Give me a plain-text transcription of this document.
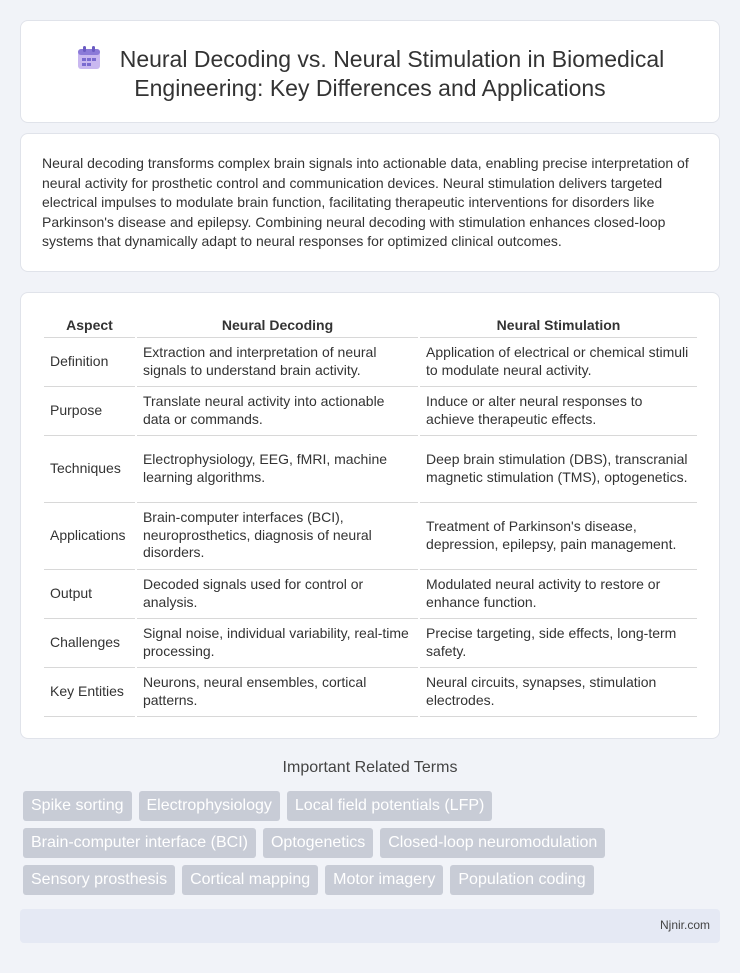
Neural Decoding vs. Neural Stimulation in Biomedical Engineering: Key Differences and Applications

Neural decoding transforms complex brain signals into actionable data, enabling precise interpretation of neural activity for prosthetic control and communication devices. Neural stimulation delivers targeted electrical impulses to modulate brain function, facilitating therapeutic interventions for disorders like Parkinson's disease and epilepsy. Combining neural decoding with stimulation enhances closed-loop systems that dynamically adapt to neural responses for optimized clinical outcomes.

Aspect	Neural Decoding	Neural Stimulation
Definition	Extraction and interpretation of neural signals to understand brain activity.	Application of electrical or chemical stimuli to modulate neural activity.
Purpose	Translate neural activity into actionable data or commands.	Induce or alter neural responses to achieve therapeutic effects.
Techniques	Electrophysiology, EEG, fMRI, machine learning algorithms.	Deep brain stimulation (DBS), transcranial magnetic stimulation (TMS), optogenetics.
Applications	Brain-computer interfaces (BCI), neuroprosthetics, diagnosis of neural disorders.	Treatment of Parkinson's disease, depression, epilepsy, pain management.
Output	Decoded signals used for control or analysis.	Modulated neural activity to restore or enhance function.
Challenges	Signal noise, individual variability, real-time processing.	Precise targeting, side effects, long-term safety.
Key Entities	Neurons, neural ensembles, cortical patterns.	Neural circuits, synapses, stimulation electrodes.
Important Related Terms
Spike sorting	Electrophysiology	Local field potentials (LFP)
Brain-computer interface (BCI)	Optogenetics	Closed-loop neuromodulation
Sensory prosthesis	Cortical mapping	Motor imagery	Population coding
Njnir.com
